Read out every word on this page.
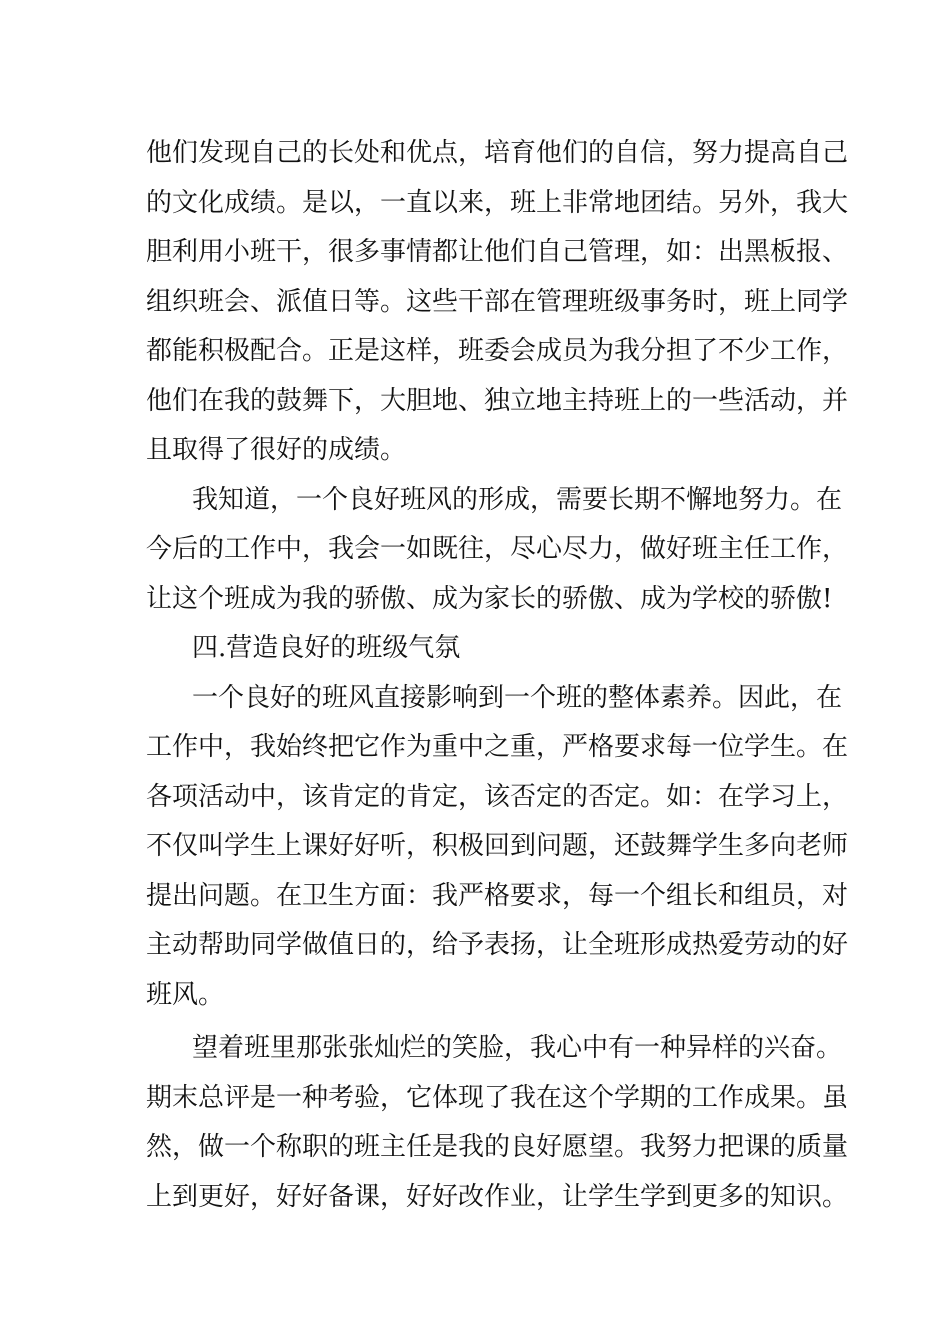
他们发现自己的长处和优点，培育他们的自信，努力提高自己
的文化成绩。是以，一直以来，班上非常地团结。另外，我大
胆利用小班干，很多事情都让他们自己管理，如：出黑板报、
组织班会、派值日等。这些干部在管理班级事务时，班上同学
都能积极配合。正是这样，班委会成员为我分担了不少工作，
他们在我的鼓舞下，大胆地、独立地主持班上的一些活动，并
且取得了很好的成绩。
我知道，一个良好班风的形成，需要长期不懈地努力。在
今后的工作中，我会一如既往，尽心尽力，做好班主任工作，
让这个班成为我的骄傲、成为家长的骄傲、成为学校的骄傲!
四.营造良好的班级气氛
一个良好的班风直接影响到一个班的整体素养。因此，在
工作中，我始终把它作为重中之重，严格要求每一位学生。在
各项活动中，该肯定的肯定，该否定的否定。如：在学习上，
不仅叫学生上课好好听，积极回到问题，还鼓舞学生多向老师
提出问题。在卫生方面：我严格要求，每一个组长和组员，对
主动帮助同学做值日的，给予表扬，让全班形成热爱劳动的好
班风。
望着班里那张张灿烂的笑脸，我心中有一种异样的兴奋。
期末总评是一种考验，它体现了我在这个学期的工作成果。虽
然，做一个称职的班主任是我的良好愿望。我努力把课的质量
上到更好，好好备课，好好改作业，让学生学到更多的知识。
